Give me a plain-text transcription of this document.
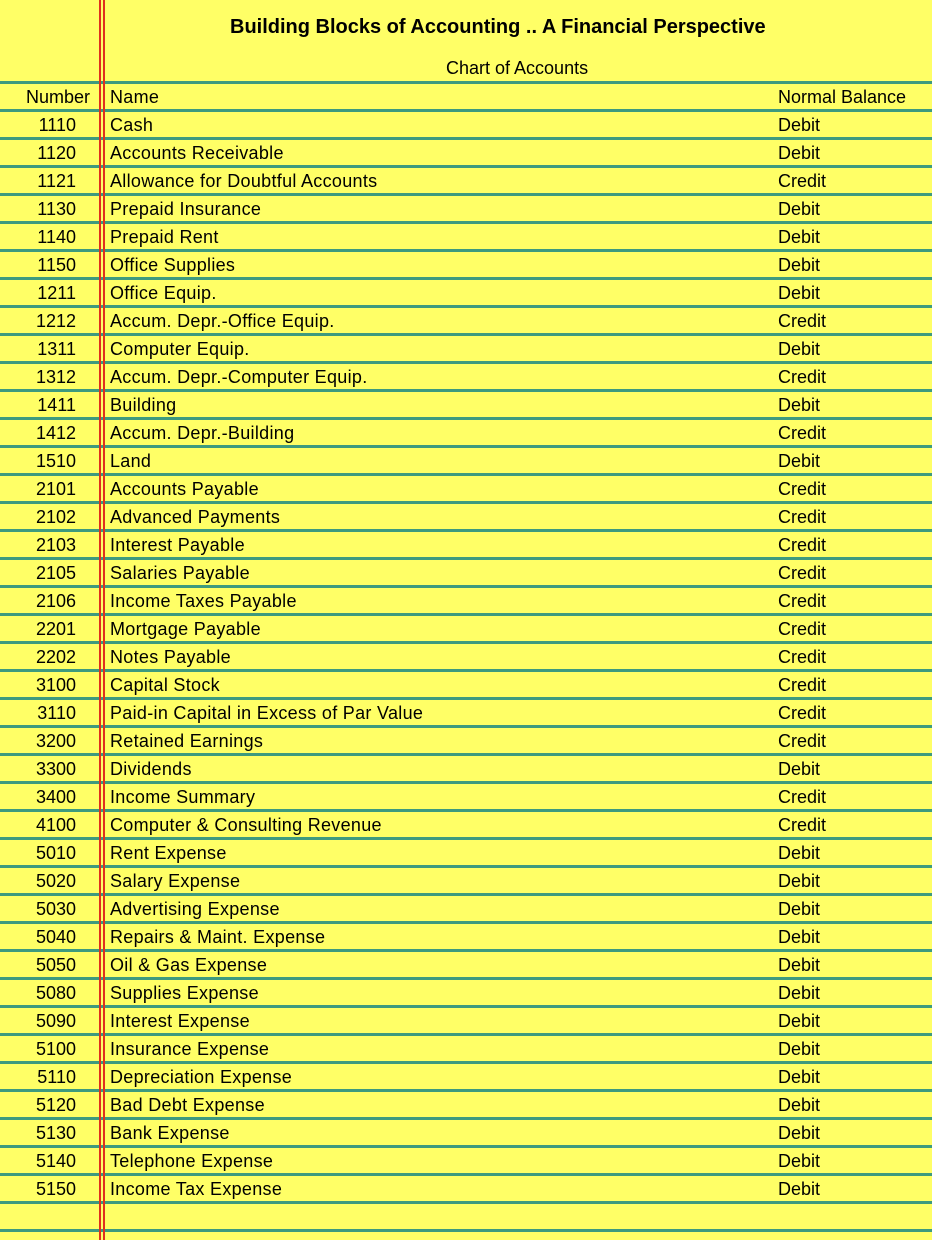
Building Blocks of Accounting .. A Financial Perspective
Chart of Accounts
Number Name	Normal Balance
1110 Cash	Debit
1120 Accounts Receivable	Debit
1121 Allowance for Doubtful Accounts	Credit
1130 Prepaid Insurance	Debit
1140 Prepaid Rent	Debit
1150 Office Supplies	Debit
1211 Office Equip.	Debit
1212 Accum. Depr.-Office Equip.	Credit
1311 Computer Equip.	Debit
1312 Accum. Depr.-Computer Equip.	Credit
1411 Building	Debit
1412 Accum. Depr.-Building	Credit
1510 Land	Debit
2101 Accounts Payable	Credit
2102 Advanced Payments	Credit
2103 Interest Payable	Credit
2105 Salaries Payable	Credit
2106 Income Taxes Payable	Credit
2201 Mortgage Payable	Credit
2202 Notes Payable	Credit
3100 Capital Stock	Credit
3110 Paid-in Capital in Excess of Par Value	Credit
3200 Retained Earnings	Credit
3300 Dividends	Debit
3400 Income Summary	Credit
4100 Computer & Consulting Revenue	Credit
5010 Rent Expense	Debit
5020 Salary Expense	Debit
5030 Advertising Expense	Debit
5040 Repairs & Maint. Expense	Debit
5050 Oil & Gas Expense	Debit
5080 Supplies Expense	Debit
5090 Interest Expense	Debit
5100 Insurance Expense	Debit
5110 Depreciation Expense	Debit
5120 Bad Debt Expense	Debit
5130 Bank Expense	Debit
5140 Telephone Expense	Debit
5150 Income Tax Expense	Debit
